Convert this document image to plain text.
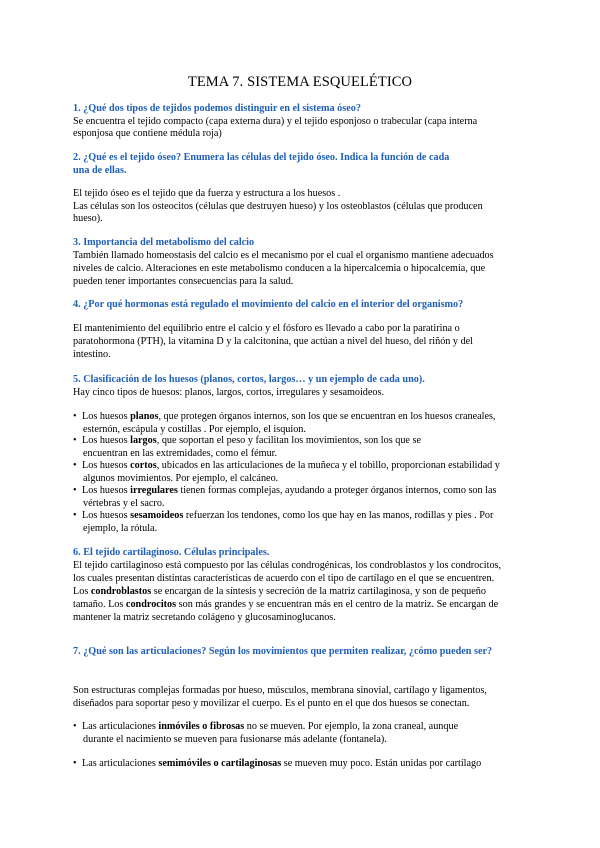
TEMA 7. SISTEMA ESQUELÉTICO
1. ¿Qué dos tipos de tejidos podemos distinguir en el sistema óseo?
Se encuentra el tejido compacto (capa externa dura) y el tejido esponjoso o trabecular (capa interna
esponjosa que contiene médula roja)
2. ¿Qué es el tejido óseo? Enumera las células del tejido óseo. Indica la función de cada
una de ellas.
El tejido óseo es el tejido que da fuerza y estructura a los huesos .
Las células son los osteocitos (células que destruyen hueso) y los osteoblastos (células que producen
hueso).
3. Importancia del metabolismo del calcio
También llamado homeostasis del calcio es el mecanismo por el cual el organismo mantiene adecuados
niveles de calcio. Alteraciones en este metabolismo conducen a la hipercalcemia o hipocalcemia, que
pueden tener importantes consecuencias para la salud.
4. ¿Por qué hormonas está regulado el movimiento del calcio en el interior del organismo?
El mantenimiento del equilibrio entre el calcio y el fósforo es llevado a cabo por la paratirina o
paratohormona (PTH), la vitamina D y la calcitonina, que actúan a nivel del hueso, del riñón y del
intestino.
5. Clasificación de los huesos (planos, cortos, largos… y un ejemplo de cada uno).
Hay cinco tipos de huesos: planos, largos, cortos, irregulares y sesamoideos.
• Los huesos planos, que protegen órganos internos, son los que se encuentran en los huesos craneales,
esternón, escápula y costillas . Por ejemplo, el isquion.
• Los huesos largos, que soportan el peso y facilitan los movimientos, son los que se
encuentran en las extremidades, como el fémur.
• Los huesos cortos, ubicados en las articulaciones de la muñeca y el tobillo, proporcionan estabilidad y
algunos movimientos. Por ejemplo, el calcáneo.
• Los huesos irregulares tienen formas complejas, ayudando a proteger órganos internos, como son las
vértebras y el sacro.
• Los huesos sesamoideos refuerzan los tendones, como los que hay en las manos, rodillas y pies . Por
ejemplo, la rótula.
6. El tejido cartilaginoso. Células principales.
El tejido cartilaginoso está compuesto por las células condrogénicas, los condroblastos y los condrocitos,
los cuales presentan distintas características de acuerdo con el tipo de cartílago en el que se encuentren.
Los condroblastos se encargan de la síntesis y secreción de la matriz cartilaginosa, y son de pequeño
tamaño. Los condrocitos son más grandes y se encuentran más en el centro de la matriz. Se encargan de
mantener la matriz secretando colágeno y glucosaminoglucanos.
7. ¿Qué son las articulaciones? Según los movimientos que permiten realizar, ¿cómo pueden ser?
Son estructuras complejas formadas por hueso, músculos, membrana sinovial, cartílago y ligamentos,
diseñados para soportar peso y movilizar el cuerpo. Es el punto en el que dos huesos se conectan.
• Las articulaciones inmóviles o fibrosas no se mueven. Por ejemplo, la zona craneal, aunque
durante el nacimiento se mueven para fusionarse más adelante (fontanela).
• Las articulaciones semimóviles o cartilaginosas se mueven muy poco. Están unidas por cartílago
